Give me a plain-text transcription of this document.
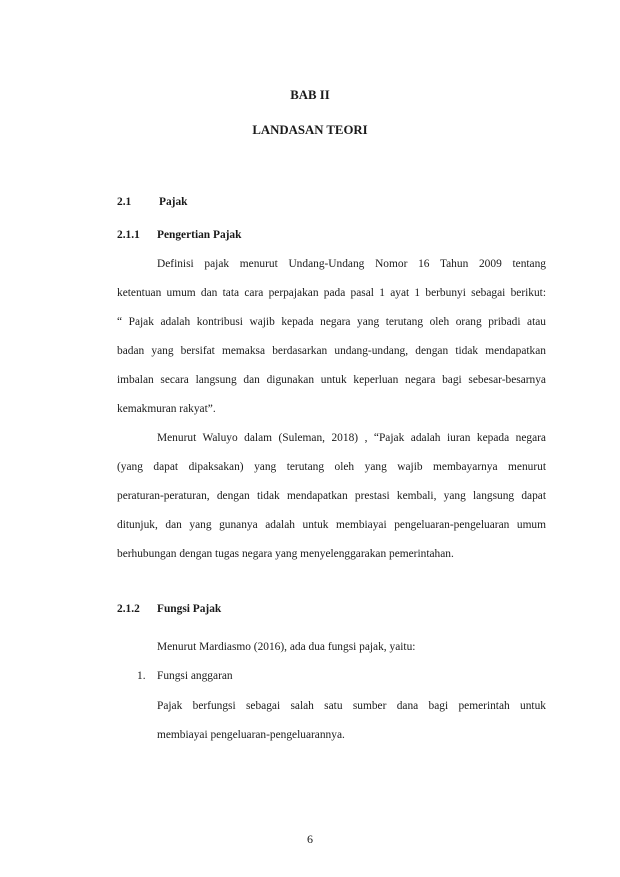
BAB II
LANDASAN TEORI
2.1 Pajak
2.1.1 Pengertian Pajak
Definisi pajak menurut Undang-Undang Nomor 16 Tahun 2009 tentang
ketentuan umum dan tata cara perpajakan pada pasal 1 ayat 1 berbunyi sebagai berikut:
“ Pajak adalah kontribusi wajib kepada negara yang terutang oleh orang pribadi atau
badan yang bersifat memaksa berdasarkan undang-undang, dengan tidak mendapatkan
imbalan secara langsung dan digunakan untuk keperluan negara bagi sebesar-besarnya
kemakmuran rakyat”.
Menurut Waluyo dalam (Suleman, 2018) , “Pajak adalah iuran kepada negara
(yang dapat dipaksakan) yang terutang oleh yang wajib membayarnya menurut
peraturan-peraturan, dengan tidak mendapatkan prestasi kembali, yang langsung dapat
ditunjuk, dan yang gunanya adalah untuk membiayai pengeluaran-pengeluaran umum
berhubungan dengan tugas negara yang menyelenggarakan pemerintahan.
2.1.2 Fungsi Pajak
Menurut Mardiasmo (2016), ada dua fungsi pajak, yaitu:
1. Fungsi anggaran
Pajak berfungsi sebagai salah satu sumber dana bagi pemerintah untuk
membiayai pengeluaran-pengeluarannya.
6
